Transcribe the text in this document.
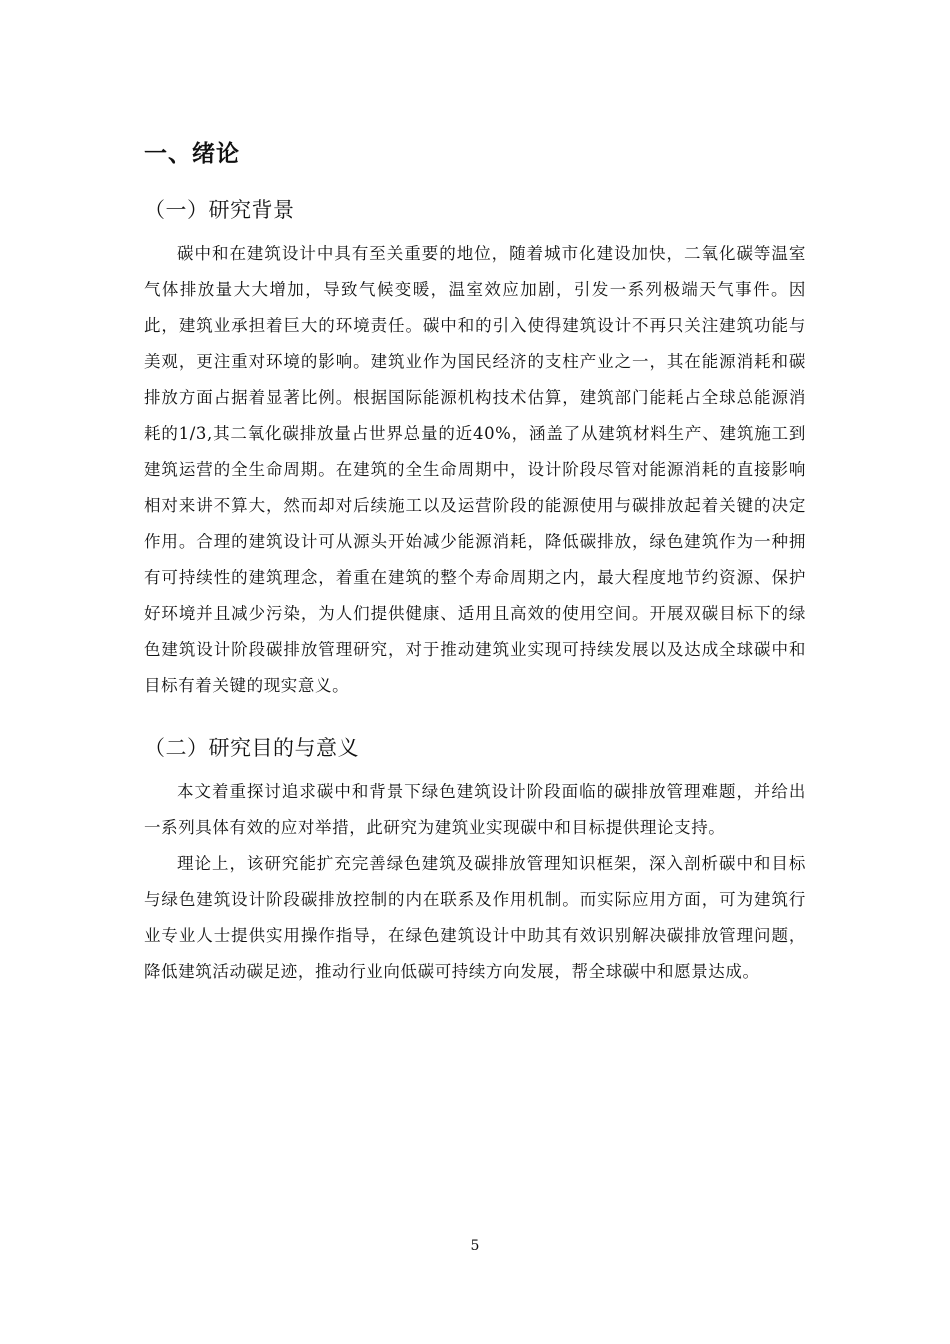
一、绪论
（一）研究背景

碳中和在建筑设计中具有至关重要的地位，随着城市化建设加快，二氧化碳等温室气体排放量大大增加，导致气候变暖，温室效应加剧，引发一系列极端天气事件。因此，建筑业承担着巨大的环境责任。碳中和的引入使得建筑设计不再只关注建筑功能与美观，更注重对环境的影响。建筑业作为国民经济的支柱产业之一，其在能源消耗和碳排放方面占据着显著比例。根据国际能源机构技术估算，建筑部门能耗占全球总能源消耗的1/3,其二氧化碳排放量占世界总量的近40%，涵盖了从建筑材料生产、建筑施工到建筑运营的全生命周期。在建筑的全生命周期中，设计阶段尽管对能源消耗的直接影响相对来讲不算大，然而却对后续施工以及运营阶段的能源使用与碳排放起着关键的决定作用。合理的建筑设计可从源头开始减少能源消耗，降低碳排放，绿色建筑作为一种拥有可持续性的建筑理念，着重在建筑的整个寿命周期之内，最大程度地节约资源、保护好环境并且减少污染，为人们提供健康、适用且高效的使用空间。开展双碳目标下的绿色建筑设计阶段碳排放管理研究，对于推动建筑业实现可持续发展以及达成全球碳中和目标有着关键的现实意义。

（二）研究目的与意义

本文着重探讨追求碳中和背景下绿色建筑设计阶段面临的碳排放管理难题，并给出一系列具体有效的应对举措，此研究为建筑业实现碳中和目标提供理论支持。

理论上，该研究能扩充完善绿色建筑及碳排放管理知识框架，深入剖析碳中和目标与绿色建筑设计阶段碳排放控制的内在联系及作用机制。而实际应用方面，可为建筑行业专业人士提供实用操作指导，在绿色建筑设计中助其有效识别解决碳排放管理问题，降低建筑活动碳足迹，推动行业向低碳可持续方向发展，帮全球碳中和愿景达成。

5
